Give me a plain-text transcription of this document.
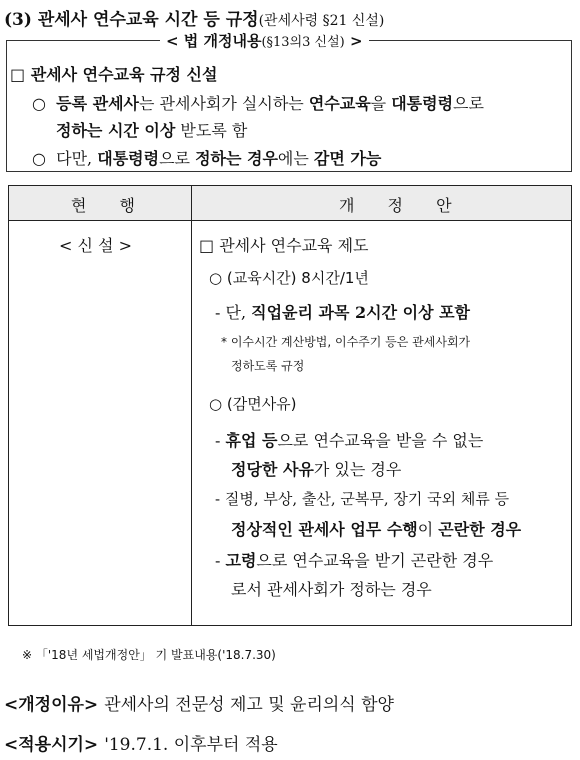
(3) 관세사 연수교육 시간 등 규정(관세사령 §21 신설)
< 법 개정내용(§13의3 신설) >
□ 관세사 연수교육 규정 신설
○ 등록 관세사는 관세사회가 실시하는 연수교육을 대통령령으로
정하는 시간 이상 받도록 함
○ 다만, 대통령령으로 정하는 경우에는 감면 가능
현 행	개 정 안
< 신 설 >	□ 관세사 연수교육 제도
○ (교육시간) 8시간/1년
- 단, 직업윤리 과목 2시간 이상 포함
* 이수시간 계산방법, 이수주기 등은 관세사회가
정하도록 규정
○ (감면사유)
- 휴업 등으로 연수교육을 받을 수 없는
정당한 사유가 있는 경우
- 질병, 부상, 출산, 군복무, 장기 국외 체류 등
정상적인 관세사 업무 수행이 곤란한 경우
- 고령으로 연수교육을 받기 곤란한 경우
로서 관세사회가 정하는 경우
※ 「'18년 세법개정안」 기 발표내용('18.7.30)
<개정이유> 관세사의 전문성 제고 및 윤리의식 함양
<적용시기> '19.7.1. 이후부터 적용
